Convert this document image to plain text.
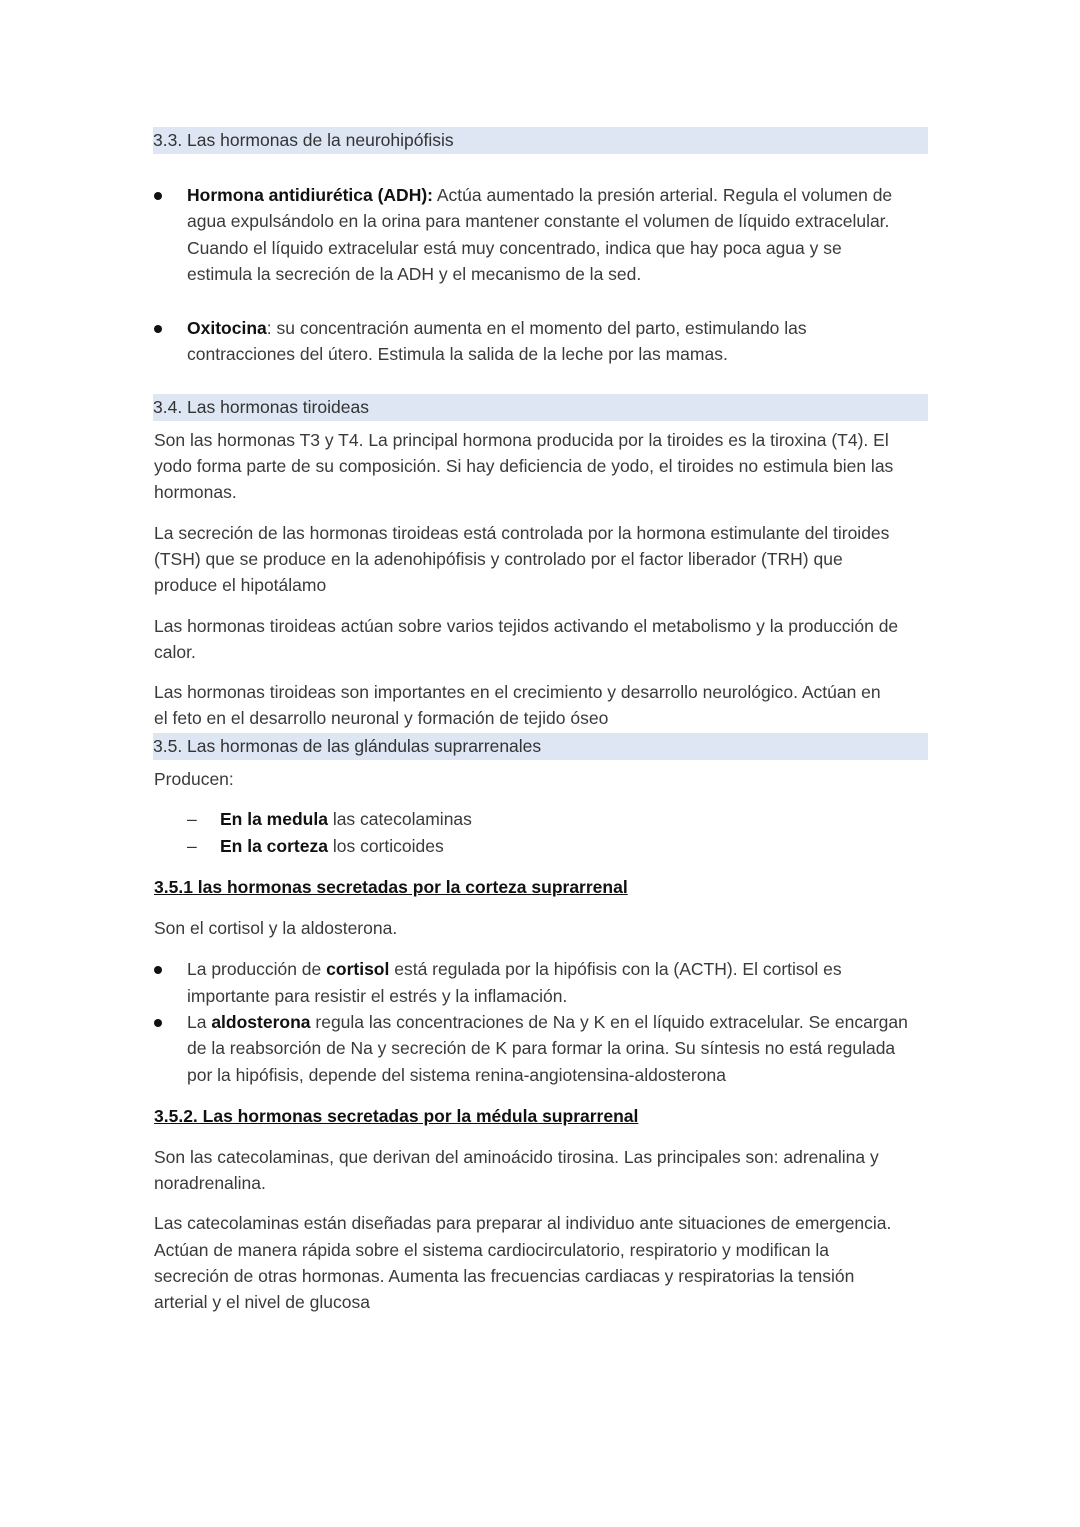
3.3. Las hormonas de la neurohipófisis
Hormona antidiurética (ADH): Actúa aumentado la presión arterial. Regula el volumen de
agua expulsándolo en la orina para mantener constante el volumen de líquido extracelular.
Cuando el líquido extracelular está muy concentrado, indica que hay poca agua y se
estimula la secreción de la ADH y el mecanismo de la sed.
Oxitocina: su concentración aumenta en el momento del parto, estimulando las
contracciones del útero. Estimula la salida de la leche por las mamas.
3.4. Las hormonas tiroideas
Son las hormonas T3 y T4. La principal hormona producida por la tiroides es la tiroxina (T4). El
yodo forma parte de su composición. Si hay deficiencia de yodo, el tiroides no estimula bien las
hormonas.
La secreción de las hormonas tiroideas está controlada por la hormona estimulante del tiroides
(TSH) que se produce en la adenohipófisis y controlado por el factor liberador (TRH) que
produce el hipotálamo
Las hormonas tiroideas actúan sobre varios tejidos activando el metabolismo y la producción de
calor.
Las hormonas tiroideas son importantes en el crecimiento y desarrollo neurológico. Actúan en
el feto en el desarrollo neuronal y formación de tejido óseo
3.5. Las hormonas de las glándulas suprarrenales
Producen:
– En la medula las catecolaminas
– En la corteza los corticoides
3.5.1 las hormonas secretadas por la corteza suprarrenal
Son el cortisol y la aldosterona.
La producción de cortisol está regulada por la hipófisis con la (ACTH). El cortisol es
importante para resistir el estrés y la inflamación.
La aldosterona regula las concentraciones de Na y K en el líquido extracelular. Se encargan
de la reabsorción de Na y secreción de K para formar la orina. Su síntesis no está regulada
por la hipófisis, depende del sistema renina-angiotensina-aldosterona
3.5.2. Las hormonas secretadas por la médula suprarrenal
Son las catecolaminas, que derivan del aminoácido tirosina. Las principales son: adrenalina y
noradrenalina.
Las catecolaminas están diseñadas para preparar al individuo ante situaciones de emergencia.
Actúan de manera rápida sobre el sistema cardiocirculatorio, respiratorio y modifican la
secreción de otras hormonas. Aumenta las frecuencias cardiacas y respiratorias la tensión
arterial y el nivel de glucosa
